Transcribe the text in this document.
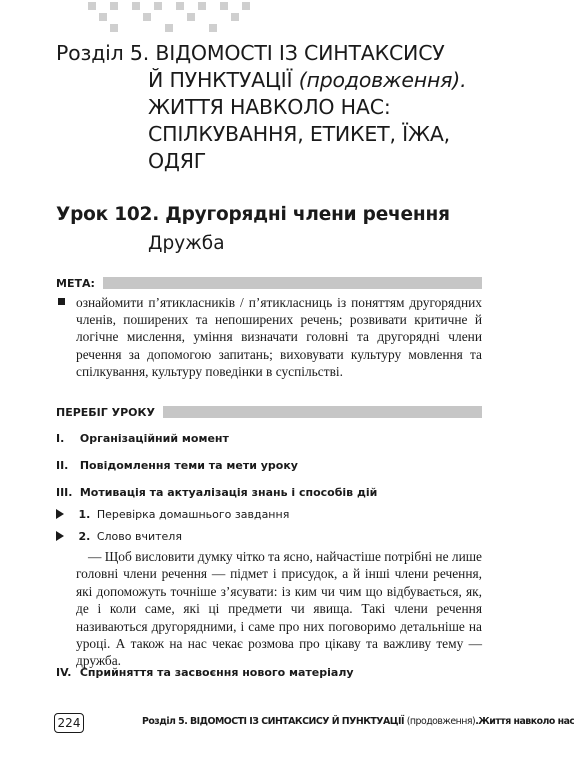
Розділ 5. ВІДОМОСТІ ІЗ СИНТАКСИСУ
Й ПУНКТУАЦІЇ (продовження).
ЖИТТЯ НАВКОЛО НАС:
СПІЛКУВАННЯ, ЕТИКЕТ, ЇЖА,
ОДЯГ
Урок 102. Другорядні члени речення
Дружба
МЕТА:
ознайомити п’ятикласників / п’ятикласниць із поняттям другорядних членів, поширених та непоширених речень; розвивати критичне й логічне мислення, уміння визначати головні та другорядні члени речення за допомогою запитань; виховувати культуру мовлення та спілкування, культуру поведінки в суспільстві.
ПЕРЕБІГ УРОКУ
I. Організаційний момент
II. Повідомлення теми та мети уроку
III. Мотивація та актуалізація знань і способів дій
1. Перевірка домашнього завдання
2. Слово вчителя
— Щоб висловити думку чітко та ясно, найчастіше потрібні не лише головні члени речення — підмет і присудок, а й інші члени речення, які допоможуть точніше з’ясувати: із ким чи чим що відбувається, як, де і коли саме, які ці предмети чи явища. Такі члени речення називаються другорядними, і саме про них поговоримо детальніше на уроці. А також на нас чекає розмова про цікаву та важливу тему — дружба.
IV. Сприйняття та засвоєння нового матеріалу
224	Розділ 5. ВІДОМОСТІ ІЗ СИНТАКСИСУ Й ПУНКТУАЦІЇ (продовження).Життя навколо нас
